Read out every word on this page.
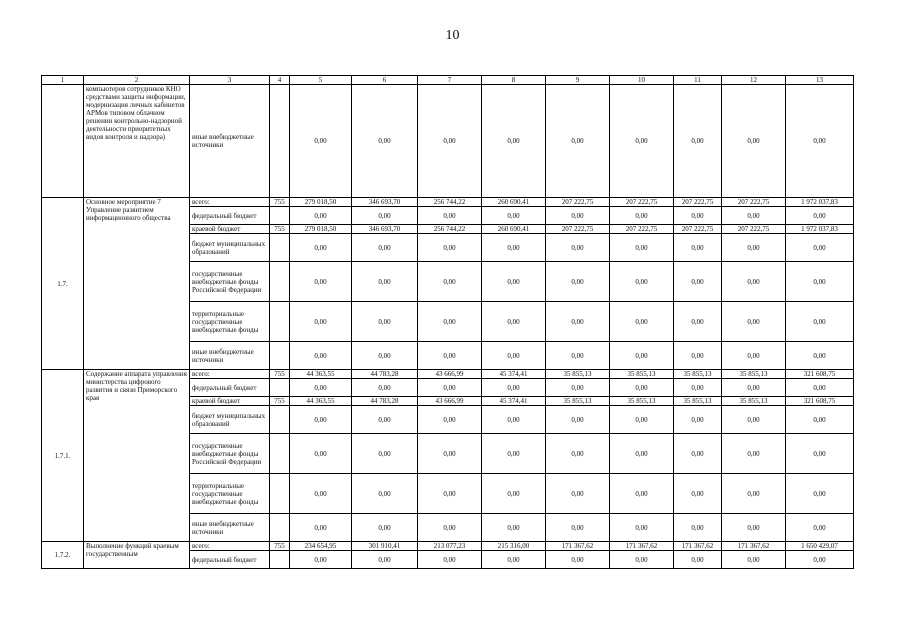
10
1	2	3	4	5	6	7	8	9	10	11	12	13
	компьютеров сотрудников КНО средствами защиты информации, модернизация личных кабинетов АРМов типовом облачном решении контрольно-надзорной деятельности приоритетных видов контроля и надзора)	иные внебюджетные источники		0,00	0,00	0,00	0,00	0,00	0,00	0,00	0,00	0,00
1.7.	Основное мероприятие 7 Управление развитием информационного общества	всего:	755	279 018,50	346 693,70	256 744,22	260 690,41	207 222,75	207 222,75	207 222,75	207 222,75	1 972 037,83
		федеральный бюджет		0,00	0,00	0,00	0,00	0,00	0,00	0,00	0,00	0,00
		краевой бюджет	755	279 018,50	346 693,70	256 744,22	260 690,41	207 222,75	207 222,75	207 222,75	207 222,75	1 972 037,83
		бюджет муниципальных образований		0,00	0,00	0,00	0,00	0,00	0,00	0,00	0,00	0,00
		государственные внебюджетные фонды Российской Федерации		0,00	0,00	0,00	0,00	0,00	0,00	0,00	0,00	0,00
		территориальные государственные внебюджетные фонды		0,00	0,00	0,00	0,00	0,00	0,00	0,00	0,00	0,00
		иные внебюджетные источники		0,00	0,00	0,00	0,00	0,00	0,00	0,00	0,00	0,00
1.7.1.	Содержание аппарата управления министерства цифрового развития и связи Приморского края	всего:	755	44 363,55	44 783,28	43 666,99	45 374,41	35 855,13	35 855,13	35 855,13	35 855,13	321 608,75
		федеральный бюджет		0,00	0,00	0,00	0,00	0,00	0,00	0,00	0,00	0,00
		краевой бюджет	755	44 363,55	44 783,28	43 666,99	45 374,41	35 855,13	35 855,13	35 855,13	35 855,13	321 608,75
		бюджет муниципальных образований		0,00	0,00	0,00	0,00	0,00	0,00	0,00	0,00	0,00
		государственные внебюджетные фонды Российской Федерации		0,00	0,00	0,00	0,00	0,00	0,00	0,00	0,00	0,00
		территориальные государственные внебюджетные фонды		0,00	0,00	0,00	0,00	0,00	0,00	0,00	0,00	0,00
		иные внебюджетные источники		0,00	0,00	0,00	0,00	0,00	0,00	0,00	0,00	0,00
1.7.2.	Выполнение функций краевым государственным	всего:	755	234 654,95	301 910,41	213 077,23	215 316,00	171 367,62	171 367,62	171 367,62	171 367,62	1 650 429,07
		федеральный бюджет		0,00	0,00	0,00	0,00	0,00	0,00	0,00	0,00	0,00
